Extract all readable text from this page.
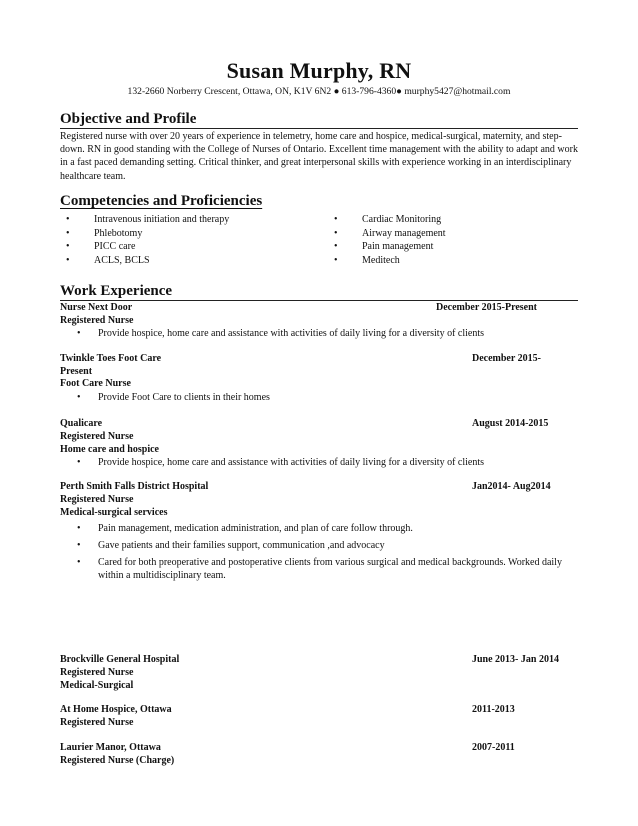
Susan Murphy, RN
132-2660 Norberry Crescent, Ottawa, ON, K1V 6N2 ● 613-796-4360● murphy5427@hotmail.com
Objective and Profile
Registered nurse with over 20 years of experience in telemetry, home care and hospice, medical-surgical, maternity, and step-down. RN in good standing with the College of Nurses of Ontario. Excellent time management with the ability to adapt and work in a fast paced demanding setting. Critical thinker, and great interpersonal skills with experience working in an interdisciplinary healthcare team.
Competencies and Proficiencies
• Intravenous initiation and therapy
• Phlebotomy
• PICC care
• ACLS, BCLS
• Cardiac Monitoring
• Airway management
• Pain management
• Meditech
Work Experience
Nurse Next Door	December 2015-Present
Registered Nurse
• Provide hospice, home care and assistance with activities of daily living for a diversity of clients
Twinkle Toes Foot Care	December 2015-
Present
Foot Care Nurse
• Provide Foot Care to clients in their homes
Qualicare	August 2014-2015
Registered Nurse
Home care and hospice
• Provide hospice, home care and assistance with activities of daily living for a diversity of clients
Perth Smith Falls District Hospital	Jan2014- Aug2014
Registered Nurse
Medical-surgical services
• Pain management, medication administration, and plan of care follow through.
• Gave patients and their families support, communication ,and advocacy
• Cared for both preoperative and postoperative clients from various surgical and medical backgrounds. Worked daily within a multidisciplinary team.
Brockville General Hospital	June 2013- Jan 2014
Registered Nurse
Medical-Surgical
At Home Hospice, Ottawa	2011-2013
Registered Nurse
Laurier Manor, Ottawa	2007-2011
Registered Nurse (Charge)
